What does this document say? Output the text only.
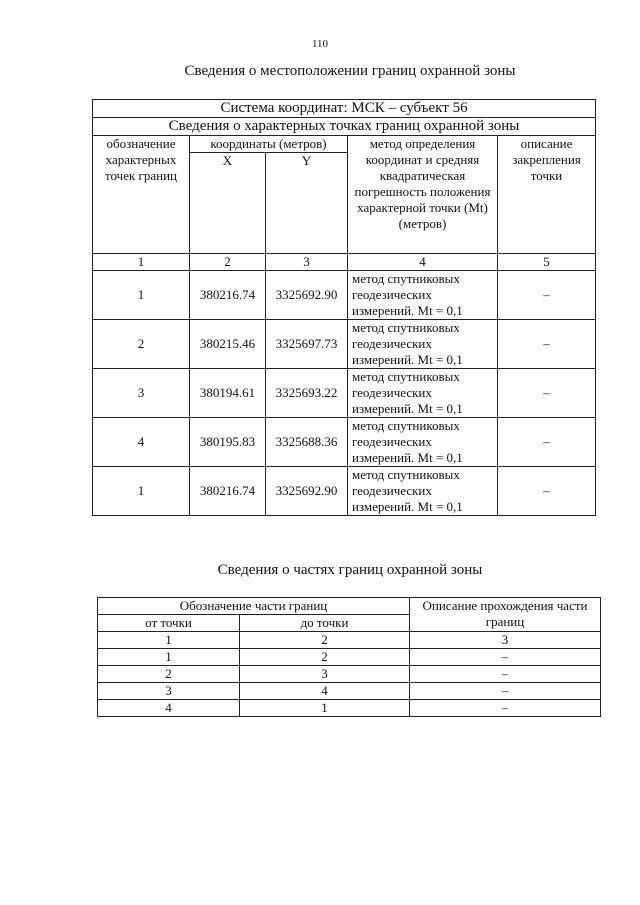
110
Сведения о местоположении границ охранной зоны
Система координат: МСК – субъект 56				
Сведения о характерных точках границ охранной зоны				
обозначение характерных точек границ	координаты (метров)		метод определения координат и средняя квадратическая погрешность положения характерной точки (Mt) (метров)	описание закрепления точки
	X	Y		
1	2	3	4	5
1	380216.74	3325692.90	метод спутниковых геодезических измерений. Mt = 0,1	–
2	380215.46	3325697.73	метод спутниковых геодезических измерений. Mt = 0,1	–
3	380194.61	3325693.22	метод спутниковых геодезических измерений. Mt = 0,1	–
4	380195.83	3325688.36	метод спутниковых геодезических измерений. Mt = 0,1	–
1	380216.74	3325692.90	метод спутниковых геодезических измерений. Mt = 0,1	–
Сведения о частях границ охранной зоны
Обозначение части границ		Описание прохождения части границ
от точки	до точки	
1	2	3
1	2	–
2	3	–
3	4	–
4	1	–
